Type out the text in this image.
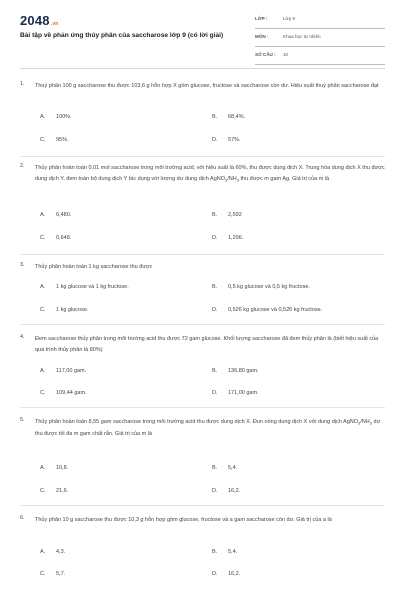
2048.vn
Bài tập về phản ứng thủy phân của saccharose lớp 9 (có lời giải)
LỚP :	Lớp 9
MÔN :	Khoa học tự nhiên
SỐ CÂU :	10
1. Thuỷ phân 100 g saccharose thu được 103,6 g hỗn hợp X gồm glucose, fructose và saccharose còn dư. Hiệu suất thuỷ phân saccharose đạt
A. 100%.	B. 68,4%.
C. 95%.	D. 57%.
2. Thủy phân hoàn toàn 0,01 mol saccharose trong môi trường acid, với hiệu suất là 60%, thu được dung dịch X. Trung hòa dung dịch X thu được dung dịch Y, đem toàn bộ dung dịch Y tác dụng với lượng dư dung dịch $AgNO_3/NH_3$ thu được m gam Ag. Giá trị của m là
A. 6,480.	B. 2,592
C. 0,648.	D. 1,296.
3. Thủy phân hoàn toàn 1 kg saccharose thu được
A. 1 kg glucose và 1 kg fructose.	B. 0,5 kg glucose và 0,5 kg fructose.
C. 1 kg glucose.	D. 0,526 kg glucose và 0,526 kg fructose.
4. Đem saccharose thủy phân trong môi trường acid thu được 72 gam glucose. Khối lượng saccharose đã đem thủy phân là (biết hiệu suất của quá trình thủy phân là 80%)
A. 117,00 gam.	B. 136,80 gam.
C. 109,44 gam.	D. 171,00 gam.
5. Thủy phân hoàn toàn 8,55 gam saccharose trong môi trường acid thu được dung dịch X. Đun nóng dung dịch X với dung dịch $AgNO_3/NH_3$ dư thu được tối đa m gam chất rắn. Giá trị của m là
A. 10,8.	B. 5,4.
C. 21,6.	D. 16,2.
6. Thủy phân 10 g saccharose thu được 10,3 g hỗn hợp gồm glucose, fructose và a gam saccharose còn dư. Giá trị của a là
A. 4,3.	B. 5,4.
C. 5,7.	D. 16,2.
